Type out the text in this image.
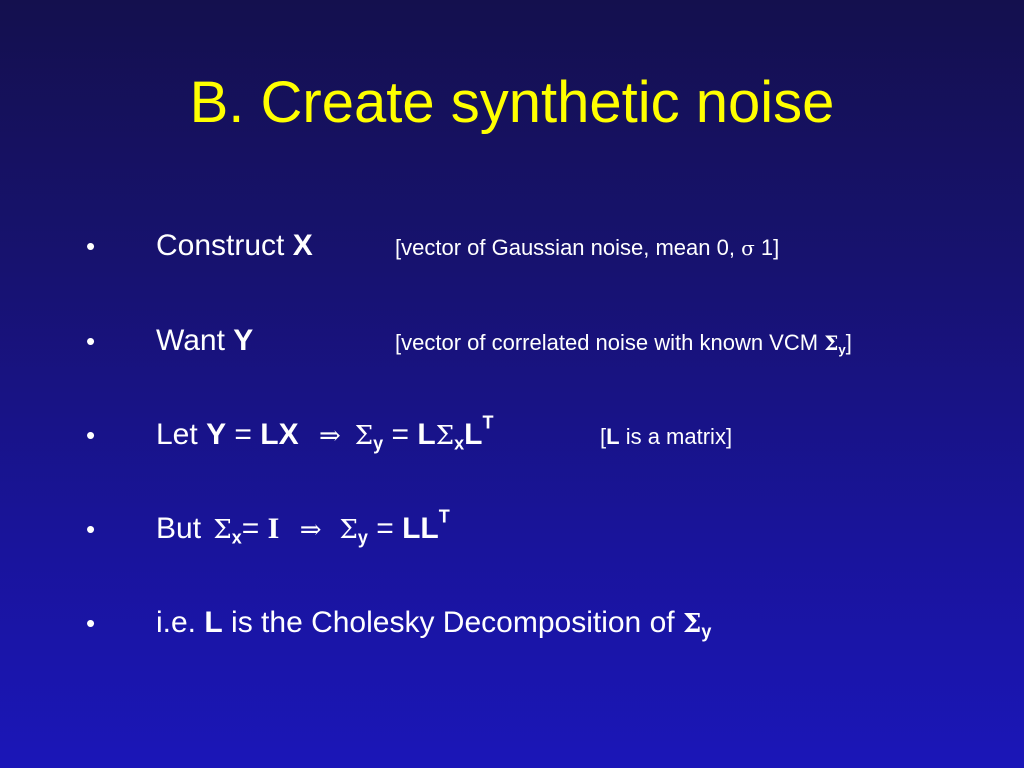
B. Create synthetic noise
• Construct X	[vector of Gaussian noise, mean 0, σ 1]
• Want Y	[vector of correlated noise with known VCM $\Sigma_y$]
• Let Y = LX ⇒ $\Sigma_y = L\Sigma_xL^T$
[L is a matrix]
• But $\Sigma_x= I$ ⇒ $\Sigma_y = LL^T$
• i.e. L is the Cholesky Decomposition of $\Sigma_y$
